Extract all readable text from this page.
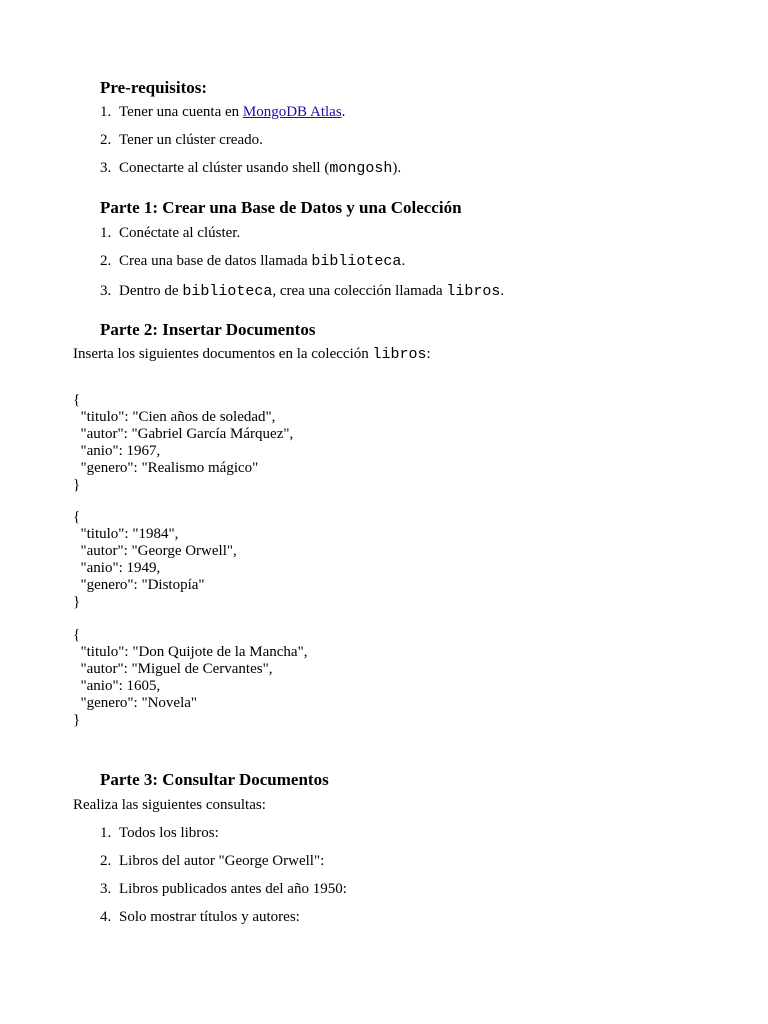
Pre-requisitos:
1. Tener una cuenta en MongoDB Atlas.
2. Tener un clúster creado.
3. Conectarte al clúster usando shell (mongosh).
Parte 1: Crear una Base de Datos y una Colección
1. Conéctate al clúster.
2. Crea una base de datos llamada biblioteca.
3. Dentro de biblioteca, crea una colección llamada libros.
Parte 2: Insertar Documentos

Inserta los siguientes documentos en la colección libros:

{
"titulo": "Cien años de soledad",
"autor": "Gabriel García Márquez",
"anio": 1967,
"genero": "Realismo mágico"
}
{
"titulo": "1984",
"autor": "George Orwell",
"anio": 1949,
"genero": "Distopía"
}
{
"titulo": "Don Quijote de la Mancha",
"autor": "Miguel de Cervantes",
"anio": 1605,
"genero": "Novela"
}
Parte 3: Consultar Documentos

Realiza las siguientes consultas:

1. Todos los libros:
2. Libros del autor "George Orwell":
3. Libros publicados antes del año 1950:
4. Solo mostrar títulos y autores:
